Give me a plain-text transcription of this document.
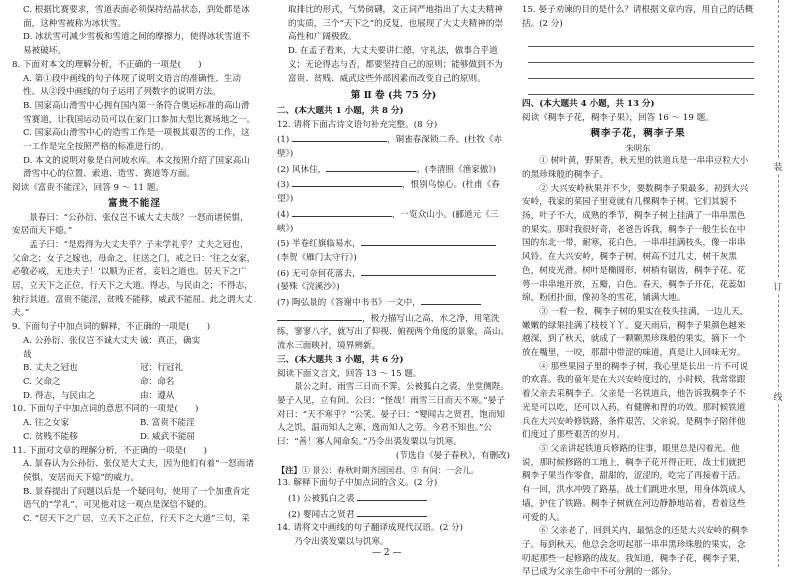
C. 根据比赛要求，雪道表面必须保持结晶状态，到处都是冰面，这种雪被称为冰状雪。

D. 冰状雪可减少雪板和雪道之间的摩擦力，使得冰状雪道不易被破坏。

8. 下面对本文的理解分析，不正确的一项是(　　)

A. 第①段中画线的句子体现了说明文语言的准确性、生动性。从②段中画线的句子运用了列数字的说明方法。

B. 国家高山滑雪中心拥有国内第一条符合奥运标准的高山滑雪赛道，让我国运动员可以在家门口参加大型比赛场地之一。

C. 国家高山滑雪中心的造雪工作是一项极其艰苦的工作，这一工作是完全按照严格的标准进行的。

D. 本文的说明对象是白河坡水库。本文按照介绍了国家高山滑雪中心的位置、索道、造雪、赛道等方面。

阅读《富贵不能淫》，回答 9 ～ 11 题。

富贵不能淫

景春曰：“公孙衍、张仪岂不诚大丈夫哉？一怒而诸侯惧，安居而天下熄。”

孟子曰：“是焉得为大丈夫乎？子未学礼乎？丈夫之冠也，父命之；女子之嫁也，母命之，往送之门，戒之曰：‘往之女家，必敬必戒，无违夫子！’以顺为正者，妾妇之道也。居天下之广居，立天下之正位，行天下之大道。得志，与民由之；不得志，独行其道。富贵不能淫，贫贱不能移，威武不能屈。此之谓大丈夫。”

9. 下面句子中加点词的解释，不正确的一项是(　　)

A. 公孙衍、张仪岂不诚大丈夫哉
诚：真正，确实
B. 丈夫之冠也	冠：行冠礼
C. 父命之	命：命名
D. 得志，与民由之	由：遵从

10. 下面句子中加点词的意思不同的一项是(　　)

A. 往之女家	B. 富贵不能淫
C. 贫贱不能移	D. 威武不能屈

11. 下面对文章的理解分析，不正确的一项是(　　)

A. 景春认为公孙衍、张仪是大丈夫，因为他们有着“一怒而诸侯惧，安居而天下熄”的威力。

B. 景春提出了问题以后是一个疑问句，使用了一个加重肯定语气的“学礼”，可见他对这一观点是深信不疑的。

C. “居天下之广居，立天下之正位，行天下之大道”三句，采

取排比的形式，气势磅礴，文正词严地指出了大丈夫精神的实质，三个“天下之”的反复，也展现了大丈夫精神的崇高性和广阔极致。

D. 在孟子看来，大丈夫要讲仁德，守礼法，做事合乎道义；无论得志与否，都要坚持自己的原则；能够做到不为富贵、贫贱、威武这些外部因素而改变自己的原则。

第 Ⅱ 卷 (共 75 分)

二、(本大题共 1 小题，共 8 分)

12. 请将下面古诗文语句补充完整。(8 分)

(1)	，铜雀春深锁二乔。(杜牧《赤壁》)

(2) 风休住，	。(李清照《渔家傲》)

(3)	，恨别鸟惊心。(杜甫《春望》)

(4)	，一览众山小。(郦道元《三峡》)

(5) 半卷红旗临易水，

(李贺《雁门太守行》)

(6) 无可奈何花落去，

(晏殊《浣溪沙》)

(7) 陶弘景的《答谢中书书》一文中，

，极力描写山之高，水之净，用笔洗练，寥寥八字，就写出了仰视、俯视两个角度的景象，高山、流水三面映衬，境界辨新。

三、(本大题共 3 小题，共 6 分)

阅读下面文言文，回答 13 ～ 15 题。

景公之时，雨雪三日而不霁。公被狐白之裘，坐堂侧陛。晏子入见，立有间。公曰：“怪哉！雨雪三日而天不寒。”晏子对曰：“天不寒乎？”公笑。晏子曰：“婴闻古之贤君，饱而知人之饥，温而知人之寒，逸而知人之劳。今君不知也。”公曰：“善！寡人闻命矣。”乃令出裘发粟以与饥寒。

(节选自《晏子春秋》，有删改)

【注】① 景公：春秋时期齐国国君。② 有间：一会儿。

13. 解释下面句子中加点词的含义。(2 分)

(1) 公被狐白之裘

(2) 婴闻古之贤君

14. 请将文中画线的句子翻译成现代汉语。(2 分)

乃令出裘发粟以与饥寒。

15. 晏子劝谏的目的是什么？请根据文章内容，用自己的话概括。(2 分)

四、(本大题共 4 小题，共 13 分)

阅读《稠李子花，稠李子果》，回答 16 ～ 19 题。

稠李子花，稠李子果

朱明东

① 树叶黄，野果香，秋天里的铁道兵是一串串豆粒大小的黑珍珠般的稠李子。

② 大兴安岭秋果并不少，要数稠李子果最多。初到大兴安岭，我家的菜园子里竟就有几棵稠李子树。它们其貌不扬，叶子不大，成熟的季节，稠李子树上挂满了一串串黑色的果实。那时我很好奇，老爸告诉我，稠李子一般生长在中国的东北一带，耐寒，花白色，一串串挂满枝头，像一串串风铃。在大兴安岭，稠李子树，树高不过几丈，树干灰黑色，树皮光滑。树叶是椭圆形，树梢有锯齿，稠李子花、花萼一串串地开放，五瓣，白色。春天，稠李子开花，花蕊如绵，粉团扑面，像初冬的雪花，铺满大地。

③ 一粒一粒，稠李子树的果实在枝头挂满，一边儿天，嫩嫩的绿果挂满了枝枝丫丫。夏天雨后，稠李子果颜色越来越深，到了秋天，就成了一颗颗黑珍珠般的果实，摘下一个放在嘴里，一咬，那甜中带涩的味道，真是让人回味无穷。

④ 那些果园子里的稠李子树，我心里是长出一片不可说的欢喜。我的童年是在大兴安岭度过的，小时候，我常常跟着父亲去采稠李子。父亲是一名铁道兵，他告诉我稠李子不光是可以吃，还可以入药，有健脾和胃的功效。那时候铁道兵在大兴安岭修铁路，条件艰苦，父亲说，是稠李子陪伴他们度过了那些艰苦的岁月。

⑤ 父亲讲起铁道兵修路的往事，眼里总是闪着光。他说，那时候修路的工地上，稠李子花开得正旺，战士们就把稠李子果当作零食，甜甜的，涩涩的，吃完了再接着干活。有一回，洪水冲毁了路基，战士们跳进水里，用身体筑成人墙，护住了铁路。稠李子树就在河边静静地站着，看着这些可爱的人。

⑥ 父亲老了，回到关内，最惦念的还是大兴安岭的稠李子。每到秋天，他总会念叨起那一串串黑珍珠般的果实，念叨起那些一起修路的战友。我知道，稠李子花，稠李子果，早已成为父亲生命中不可分割的一部分。

— 2 —
装
订
线
